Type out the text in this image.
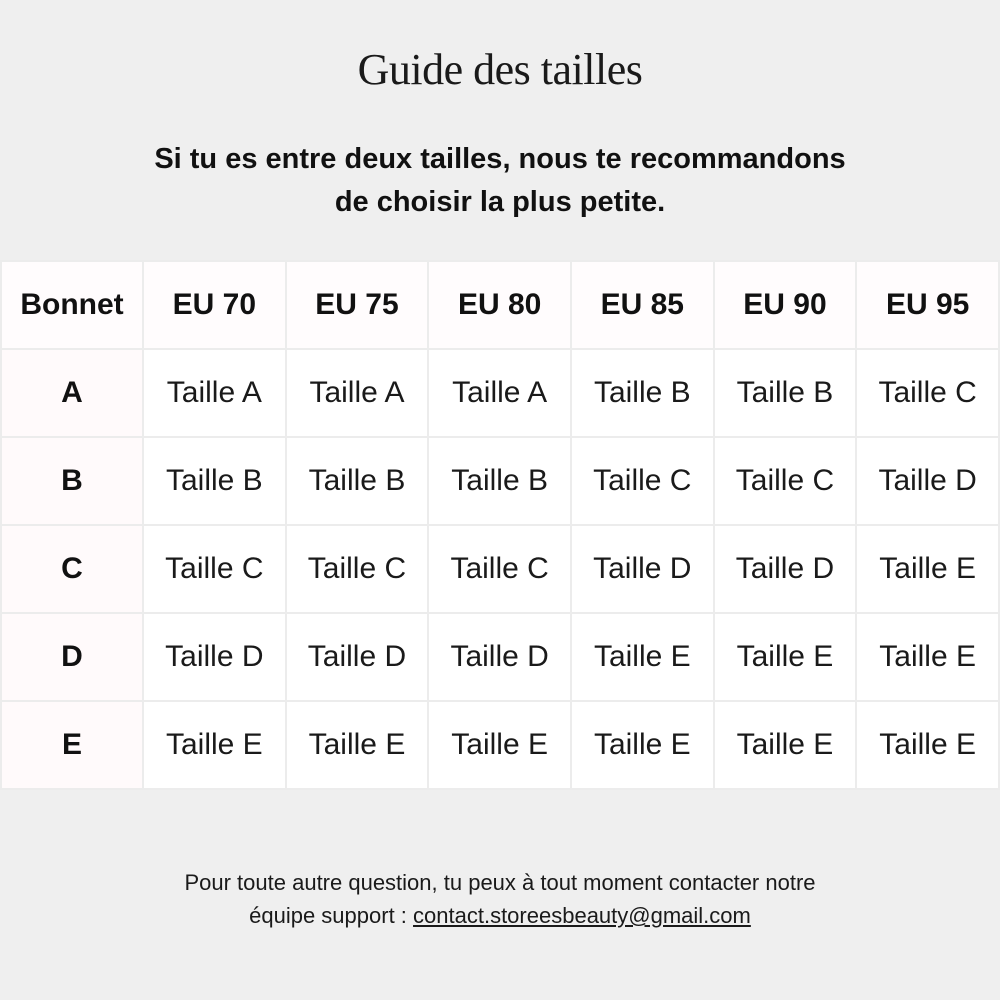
Guide des tailles

Si tu es entre deux tailles, nous te recommandons
de choisir la plus petite.

Bonnet	EU 70	EU 75	EU 80	EU 85	EU 90	EU 95
A	Taille A	Taille A	Taille A	Taille B	Taille B	Taille C
B	Taille B	Taille B	Taille B	Taille C	Taille C	Taille D
C	Taille C	Taille C	Taille C	Taille D	Taille D	Taille E
D	Taille D	Taille D	Taille D	Taille E	Taille E	Taille E
E	Taille E	Taille E	Taille E	Taille E	Taille E	Taille E

Pour toute autre question, tu peux à tout moment contacter notre
équipe support : contact.storeesbeauty@gmail.com
